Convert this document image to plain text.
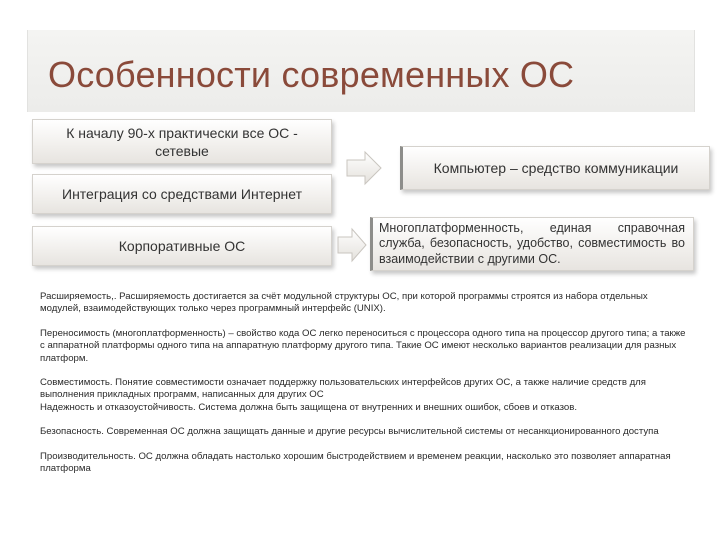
Особенности современных ОС
К началу 90-х практически все ОС - сетевые
Интеграция со средствами Интернет
Корпоративные ОС
Компьютер – средство коммуникации
Многоплатформенность, единая справочная служба, безопасность, удобство, совместимость во взаимодействии с другими ОС.

Расширяемость,. Расширяемость достигается за счёт модульной структуры ОС, при которой программы строятся из набора отдельных модулей, взаимодействующих только через программный интерфейс (UNIX).

Переносимость (многоплатформенность) – свойство кода ОС легко переноситься с процессора одного типа на процессор другого типа; а также с аппаратной платформы одного типа на аппаратную платформу другого типа. Такие ОС имеют несколько вариантов реализации для разных платформ.

Совместимость. Понятие совместимости означает поддержку пользовательских интерфейсов других ОС, а также наличие средств для выполнения прикладных программ, написанных для других ОС

Надежность и отказоустойчивость. Система должна быть защищена от внутренних и внешних ошибок, сбоев и отказов.

Безопасность. Современная ОС должна защищать данные и другие ресурсы вычислительной системы от несанкционированного доступа

Производительность. ОС должна обладать настолько хорошим быстродействием и временем реакции, насколько это позволяет аппаратная платформа
